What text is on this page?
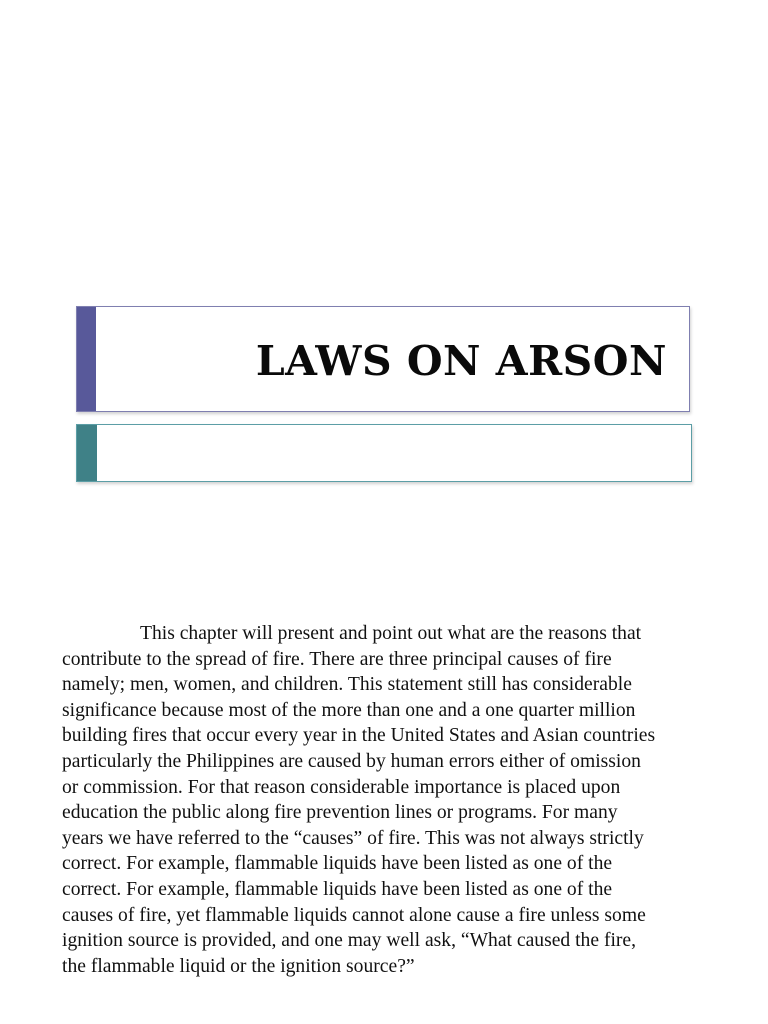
LAWS ON ARSON

This chapter will present and point out what are the reasons that
contribute to the spread of fire. There are three principal causes of fire
namely; men, women, and children. This statement still has considerable
significance because most of the more than one and a one quarter million
building fires that occur every year in the United States and Asian countries
particularly the Philippines are caused by human errors either of omission
or commission. For that reason considerable importance is placed upon
education the public along fire prevention lines or programs. For many
years we have referred to the “causes” of fire. This was not always strictly
correct. For example, flammable liquids have been listed as one of the
correct. For example, flammable liquids have been listed as one of the
causes of fire, yet flammable liquids cannot alone cause a fire unless some
ignition source is provided, and one may well ask, “What caused the fire,
the flammable liquid or the ignition source?”
